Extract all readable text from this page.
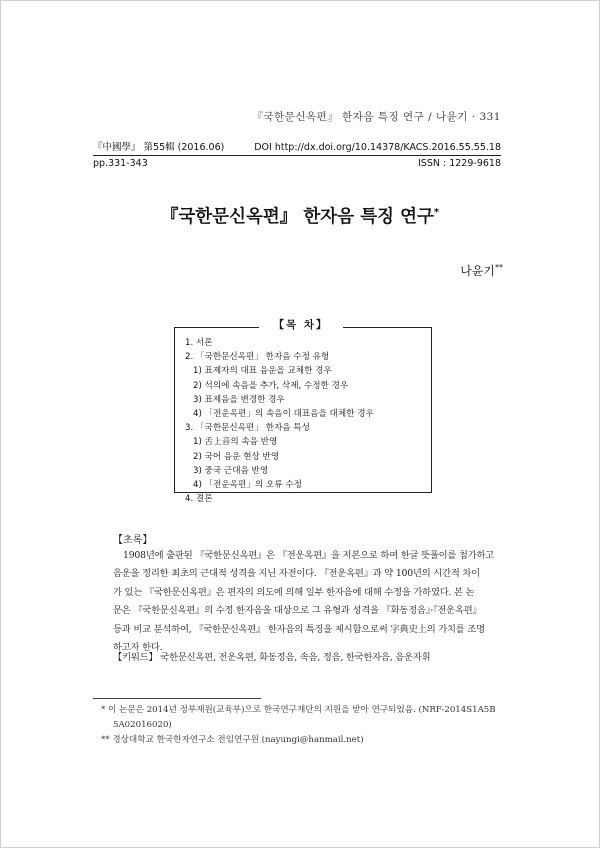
『국한문신옥편』 한자음 특징 연구 / 나윤기 · 331
『中國學』 第55輯 (2016.06)	DOI http://dx.doi.org/10.14378/KACS.2016.55.55.18
pp.331-343	ISSN : 1229-9618
『국한문신옥편』 한자음 특징 연구*
나윤기**
【목 차】
1. 서론
2. 「국한문신옥편」 한자음 수정 유형
1) 표제자의 대표 음운을 교체한 경우
2) 석의에 속음을 추가, 삭제, 수정한 경우
3) 표제음을 변경한 경우
4) 「전운옥편」의 속음이 대표음을 대체한 경우
3. 「국한문신옥편」 한자음 특성
1) 舌上音의 속음 반영
2) 국어 음운 현상 반영
3) 중국 근대음 반영
4) 「전운옥편」의 오류 수정
4. 결론
【초록】
1908년에 출판된 『국한문신옥편』은 『전운옥편』을 저본으로 하여 한글 뜻풀이를 첨가하고
음운을 정리한 최초의 근대적 성격을 지닌 자전이다. 『전운옥편』과 약 100년의 시간적 차이
가 있는 『국한문신옥편』은 편자의 의도에 의해 일부 한자음에 대해 수정을 가하였다. 본 논
문은 『국한문신옥편』의 수정 한자음을 대상으로 그 유형과 성격을 『화동정음』·『전운옥편』
등과 비교 분석하여, 『국한문신옥편』 한자음의 특징을 제시함으로써 字典史上의 가치를 조명
하고자 한다.
【키워드】 국한문신옥편, 전운옥편, 화동정음, 속음, 정음, 한국한자음, 음운자휘
* 이 논문은 2014년 정부재원(교육부)으로 한국연구재단의 지원을 받아 연구되었음. (NRF-2014S1A5B
5A02016020)
** 경상대학교 한국한자연구소 전임연구원 (nayungi@hanmail.net)
